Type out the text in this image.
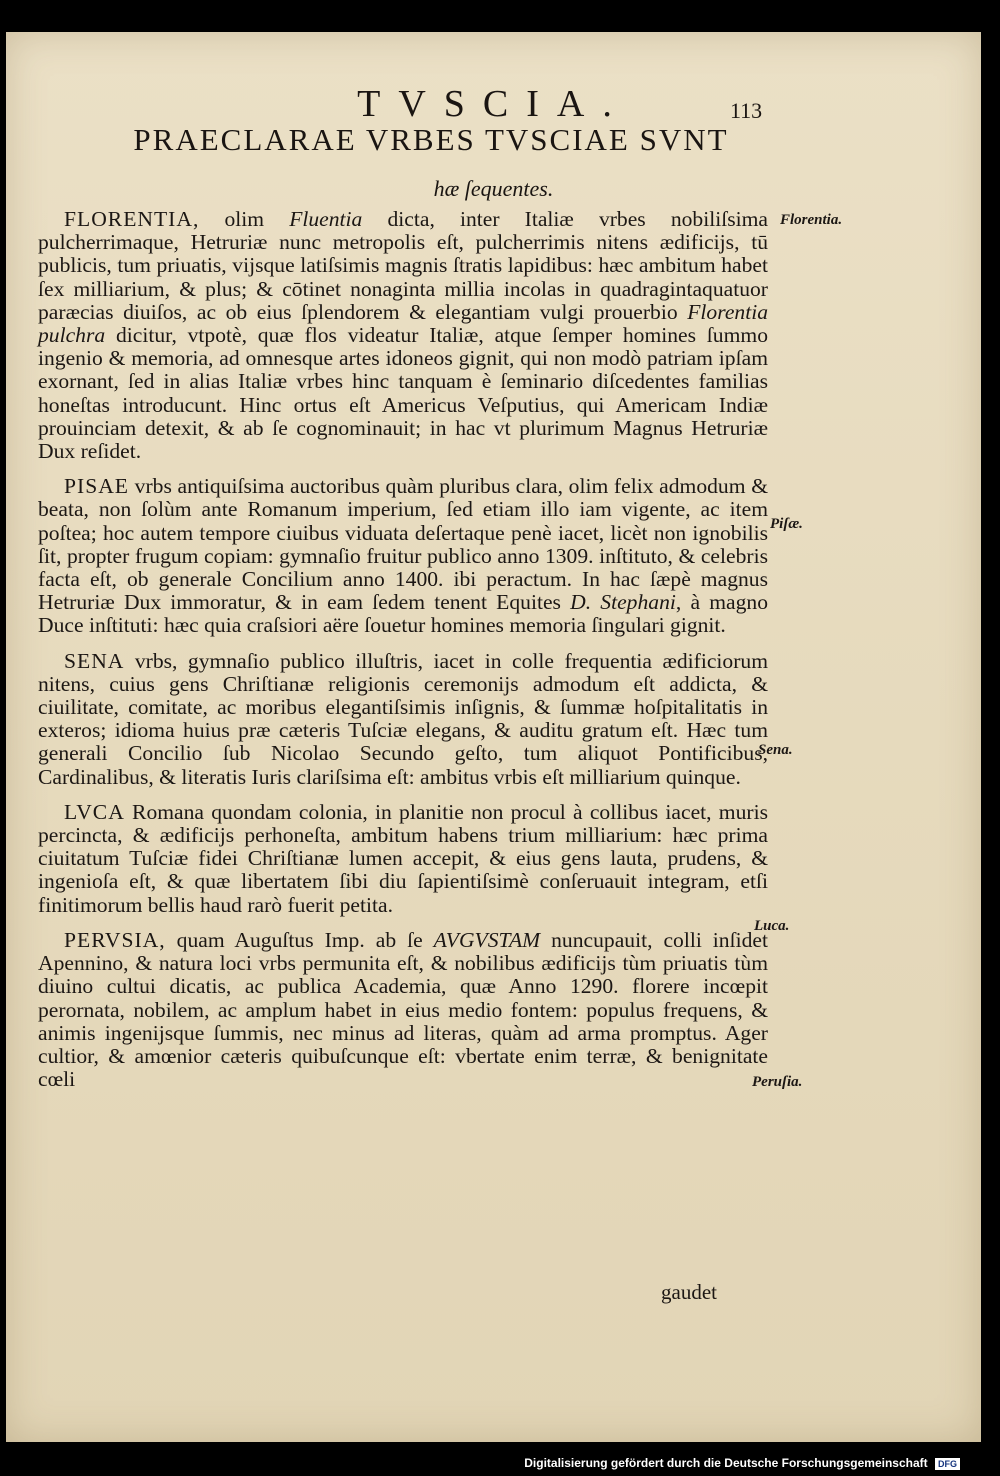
TVSCIA.	113
PRAECLARAE VRBES TVSCIAE SVNT
hæ ſequentes.

FLORENTIA, olim Fluentia dicta, inter Italiæ vrbes nobiliſsima pulcherrimaque, Hetruriæ nunc metropolis eſt, pulcherrimis nitens ædificijs, tū publicis, tum priuatis, vijsque latiſsimis magnis ſtratis lapidibus: hæc ambitum habet ſex milliarium, & plus; & cōtinet nonaginta millia incolas in quadragintaquatuor paræcias diuiſos, ac ob eius ſplendorem & elegantiam vulgi prouerbio Florentia pulchra dicitur, vtpotè, quæ flos videatur Italiæ, atque ſemper homines ſummo ingenio & memoria, ad omnesque artes idoneos gignit, qui non modò patriam ipſam exornant, ſed in alias Italiæ vrbes hinc tanquam è ſeminario diſcedentes familias honeſtas introducunt. Hinc ortus eſt Americus Veſputius, qui Americam Indiæ prouinciam detexit, & ab ſe cognominauit; in hac vt plurimum Magnus Hetruriæ Dux reſidet.

PISAE vrbs antiquiſsima auctoribus quàm pluribus clara, olim felix admodum & beata, non ſolùm ante Romanum imperium, ſed etiam illo iam vigente, ac item poſtea; hoc autem tempore ciuibus viduata deſertaque penè iacet, licèt non ignobilis ſit, propter frugum copiam: gymnaſio fruitur publico anno 1309. inſtituto, & celebris facta eſt, ob generale Concilium anno 1400. ibi peractum. In hac ſæpè magnus Hetruriæ Dux immoratur, & in eam ſedem tenent Equites D. Stephani, à magno Duce inſtituti: hæc quia craſsiori aëre ſouetur homines memoria ſingulari gignit.

SENA vrbs, gymnaſio publico illuſtris, iacet in colle frequentia ædificiorum nitens, cuius gens Chriſtianæ religionis ceremonijs admodum eſt addicta, & ciuilitate, comitate, ac moribus elegantiſsimis inſignis, & ſummæ hoſpitalitatis in exteros; idioma huius præ cæteris Tuſciæ elegans, & auditu gratum eſt. Hæc tum generali Concilio ſub Nicolao Secundo geſto, tum aliquot Pontificibus, Cardinalibus, & literatis Iuris clariſsima eſt: ambitus vrbis eſt milliarium quinque.

LVCA Romana quondam colonia, in planitie non procul à collibus iacet, muris percincta, & ædificijs perhoneſta, ambitum habens trium milliarium: hæc prima ciuitatum Tuſciæ fidei Chriſtianæ lumen accepit, & eius gens lauta, prudens, & ingenioſa eſt, & quæ libertatem ſibi diu ſapientiſsimè conſeruauit integram, etſi finitimorum bellis haud rarò fuerit petita.

PERVSIA, quam Auguſtus Imp. ab ſe AVGVSTAM nuncupauit, colli inſidet Apennino, & natura loci vrbs permunita eſt, & nobilibus ædificijs tùm priuatis tùm diuino cultui dicatis, ac publica Academia, quæ Anno 1290. florere incœpit perornata, nobilem, ac amplum habet in eius medio fontem: populus frequens, & animis ingenijsque ſummis, nec minus ad literas, quàm ad arma promptus. Ager cultior, & amœnior cæteris quibuſcunque eſt: vbertate enim terræ, & benignitate cœli

Florentia.
Piſæ.
Sena.
Luca.
Peruſia.
gaudet
Digitalisierung gefördert durch die Deutsche Forschungsgemeinschaft DFG
